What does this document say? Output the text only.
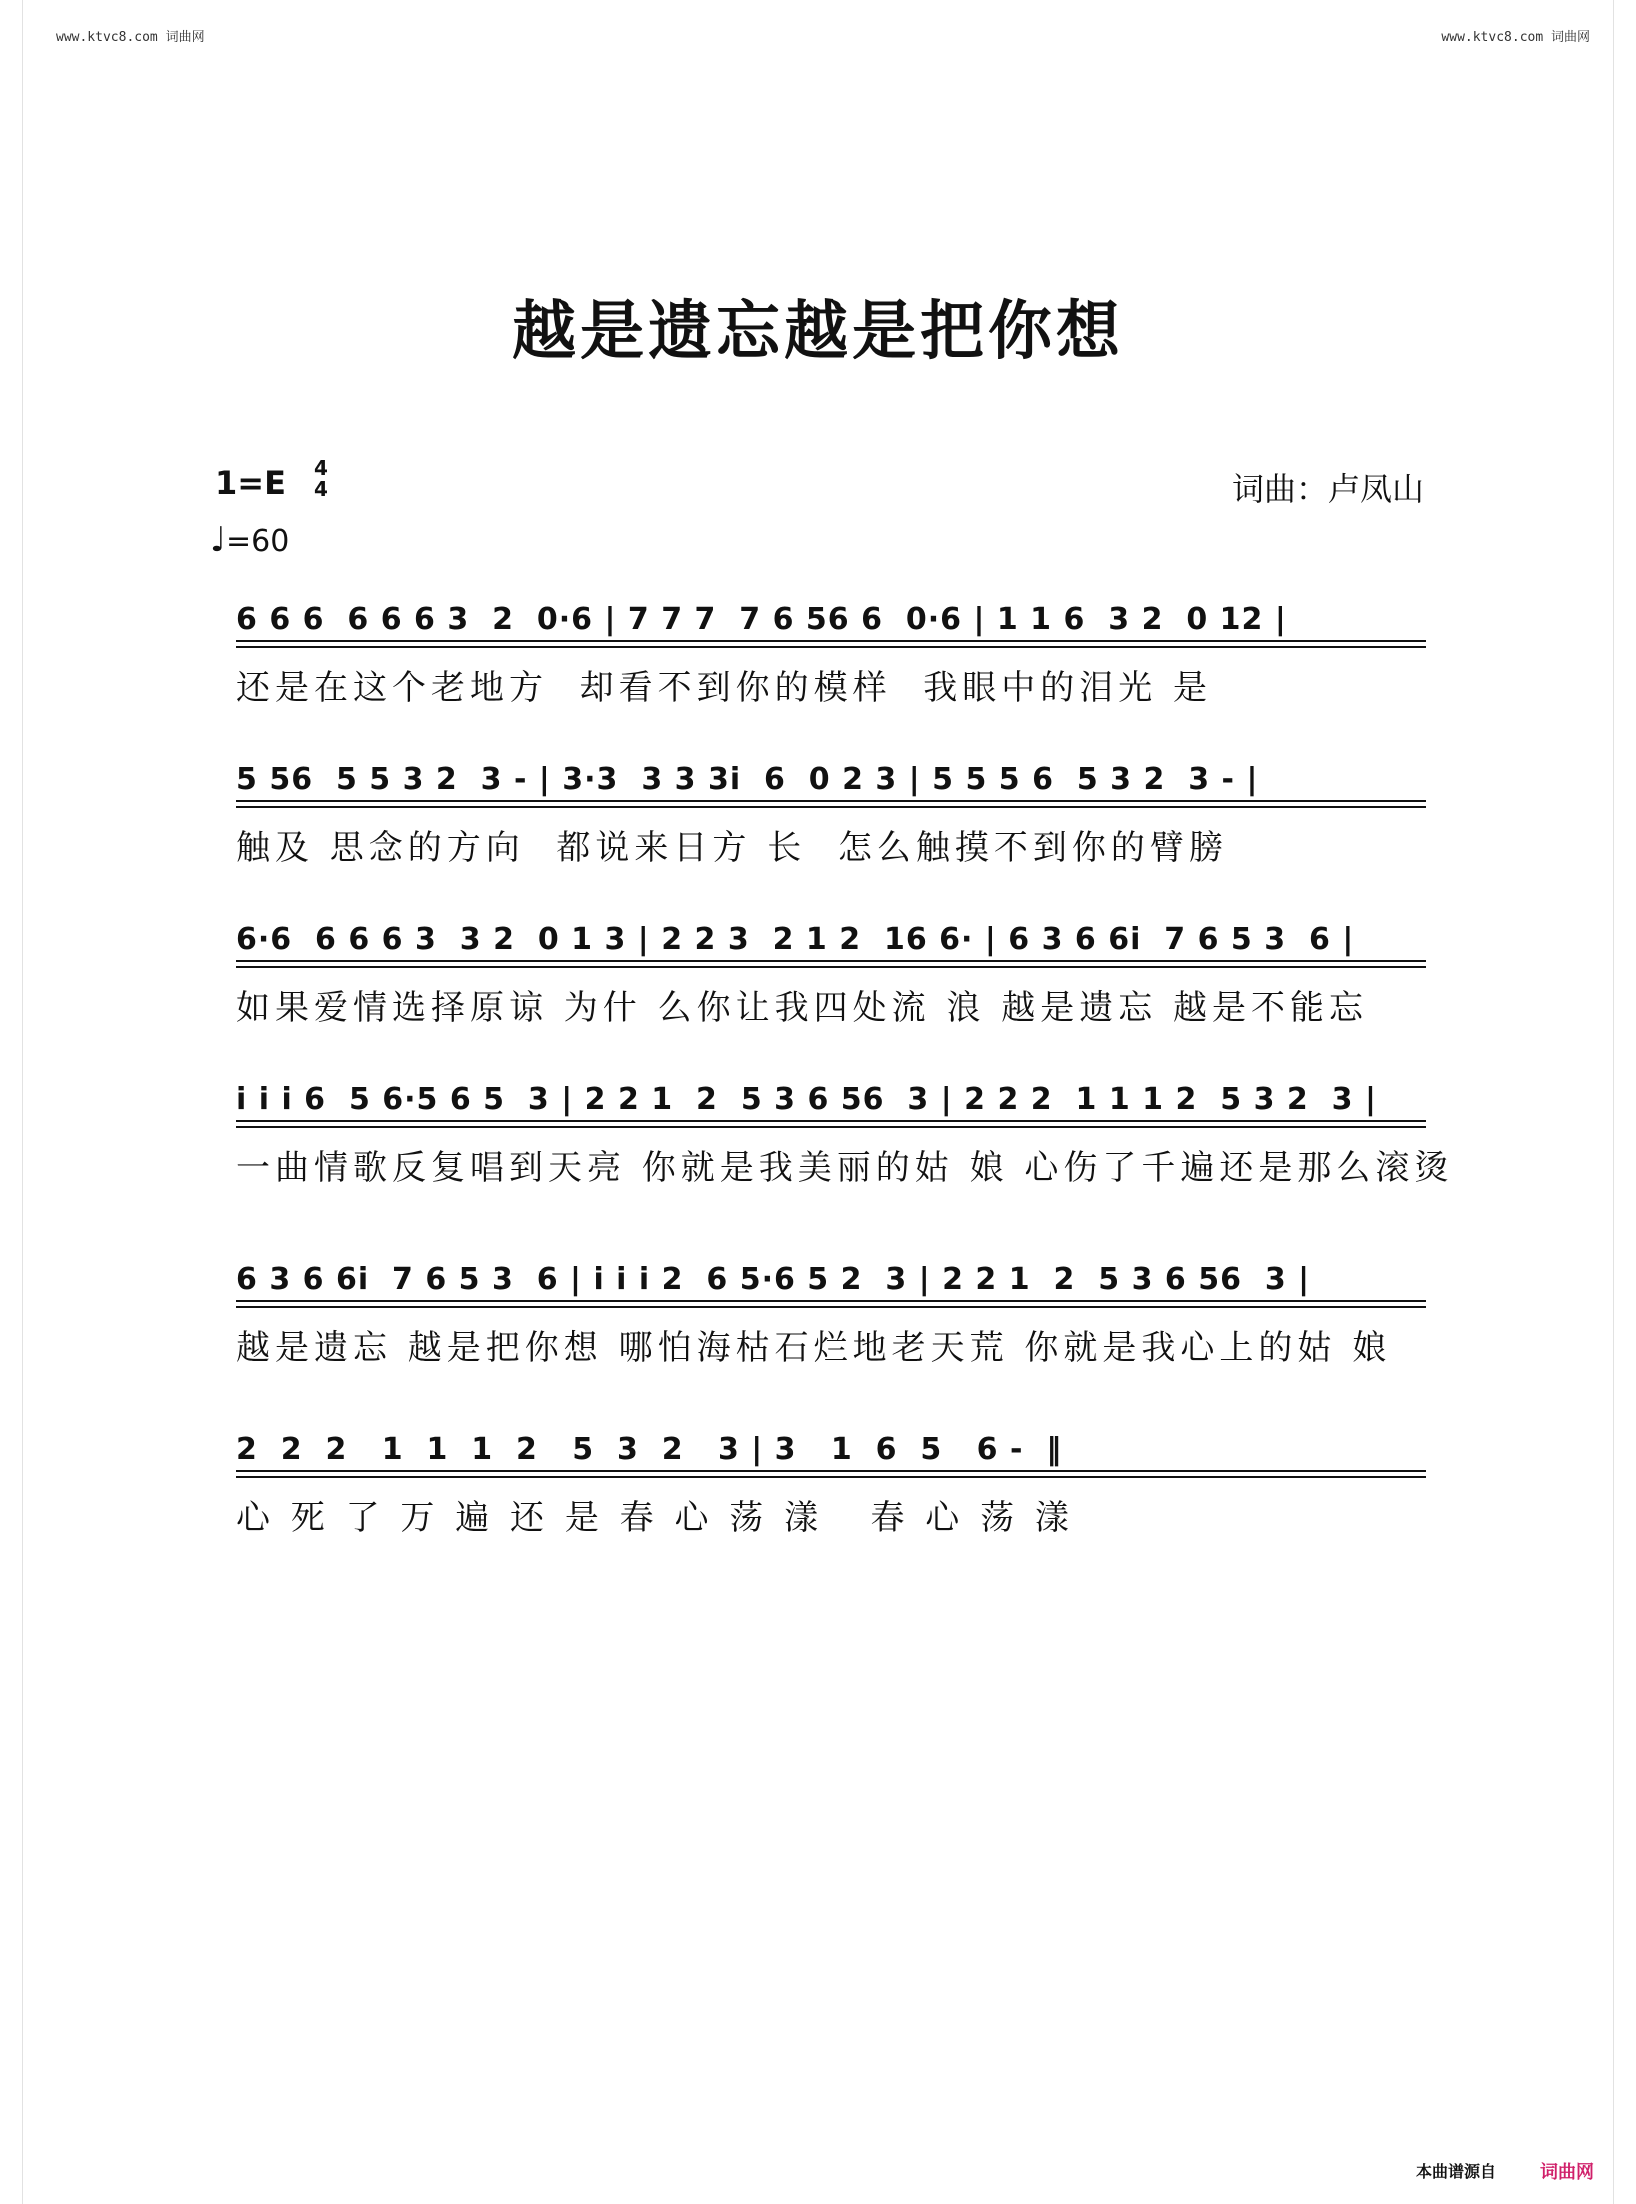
www.ktvc8.com 词曲网	www.ktvc8.com 词曲网
越是遗忘越是把你想
1=E	4
4
♩=60
词曲：卢凤山
6 6 6  6 6 6 3  2  0·6 | 7 7 7  7 6 56 6  0·6 | 1 1 6  3 2  0 12 |
还是在这个老地方  却看不到你的模样  我眼中的泪光 是
5 56  5 5 3 2  3 - | 3·3  3 3 3i  6  0 2 3 | 5 5 5 6  5 3 2  3 - |
触及 思念的方向  都说来日方 长  怎么触摸不到你的臂膀
6·6  6 6 6 3  3 2  0 1 3 | 2 2 3  2 1 2  16 6· | 6 3 6 6i  7 6 5 3  6 |
如果爱情选择原谅 为什 么你让我四处流 浪 越是遗忘 越是不能忘
i i i 6  5 6·5 6 5  3 | 2 2 1  2  5 3 6 56  3 | 2 2 2  1 1 1 2  5 3 2  3 |
一曲情歌反复唱到天亮 你就是我美丽的姑 娘 心伤了千遍还是那么滚烫
6 3 6 6i  7 6 5 3  6 | i i i 2  6 5·6 5 2  3 | 2 2 1  2  5 3 6 56  3 |
越是遗忘 越是把你想 哪怕海枯石烂地老天荒 你就是我心上的姑 娘
2  2  2   1  1  1  2   5  3  2   3 | 3   1  6  5   6 -  ‖
心 死 了 万 遍 还 是 春 心 荡 漾   春 心 荡 漾
本曲谱源自 词曲网
